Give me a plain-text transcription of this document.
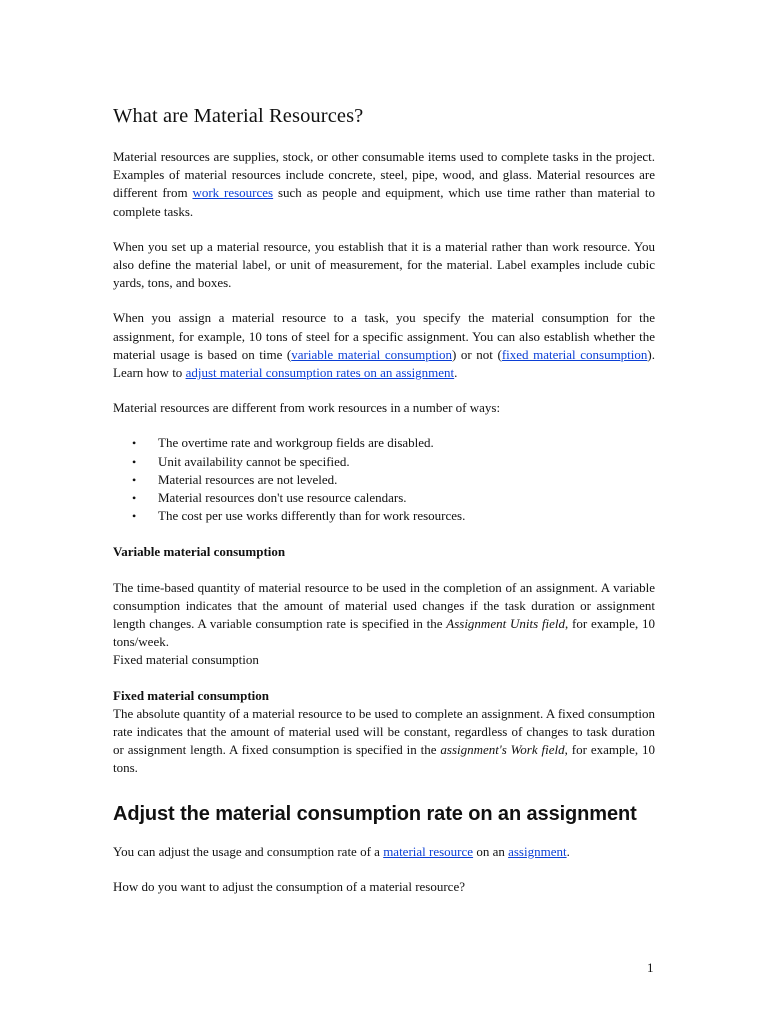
What are Material Resources?

Material resources are supplies, stock, or other consumable items used to complete tasks in the project. Examples of material resources include concrete, steel, pipe, wood, and glass. Material resources are different from work resources such as people and equipment, which use time rather than material to complete tasks.

When you set up a material resource, you establish that it is a material rather than work resource. You also define the material label, or unit of measurement, for the material. Label examples include cubic yards, tons, and boxes.

When you assign a material resource to a task, you specify the material consumption for the assignment, for example, 10 tons of steel for a specific assignment. You can also establish whether the material usage is based on time (variable material consumption) or not (fixed material consumption). Learn how to adjust material consumption rates on an assignment.

Material resources are different from work resources in a number of ways:

• The overtime rate and workgroup fields are disabled.
• Unit availability cannot be specified.
• Material resources are not leveled.
• Material resources don't use resource calendars.
• The cost per use works differently than for work resources.
Variable material consumption

The time-based quantity of material resource to be used in the completion of an assignment. A variable consumption indicates that the amount of material used changes if the task duration or assignment length changes. A variable consumption rate is specified in the Assignment Units field, for example, 10 tons/week.

Fixed material consumption

Fixed material consumption

The absolute quantity of a material resource to be used to complete an assignment. A fixed consumption rate indicates that the amount of material used will be constant, regardless of changes to task duration or assignment length. A fixed consumption is specified in the assignment's Work field, for example, 10 tons.

Adjust the material consumption rate on an assignment

You can adjust the usage and consumption rate of a material resource on an assignment.

How do you want to adjust the consumption of a material resource?

1
